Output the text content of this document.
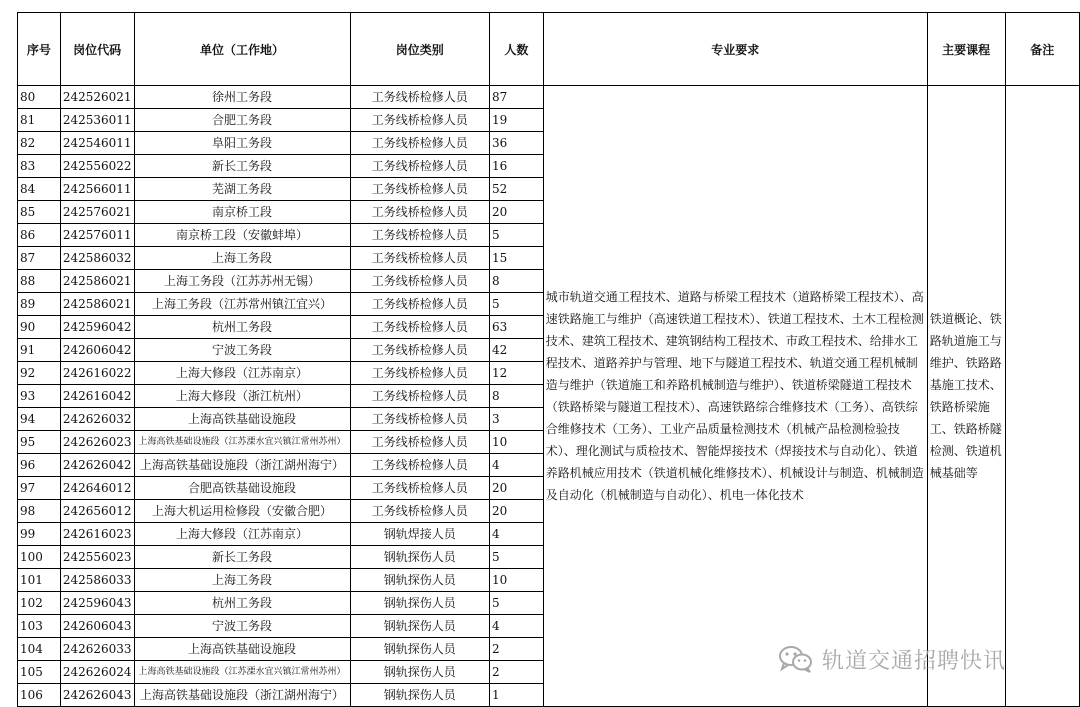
序号	岗位代码	单位（工作地）	岗位类别	人数	专业要求	主要课程	备注
80	242526021	徐州工务段	工务线桥检修人员	87	城市轨道交通工程技术、道路与桥梁工程技术（道路桥梁工程技术）、高速铁路施工与维护（高速铁道工程技术）、铁道工程技术、土木工程检测技术、建筑工程技术、建筑钢结构工程技术、市政工程技术、给排水工程技术、道路养护与管理、地下与隧道工程技术、轨道交通工程机械制造与维护（铁道施工和养路机械制造与维护）、铁道桥梁隧道工程技术（铁路桥梁与隧道工程技术）、高速铁路综合维修技术（工务）、高铁综合维修技术（工务）、工业产品质量检测技术（机械产品检测检验技术）、理化测试与质检技术、智能焊接技术（焊接技术与自动化）、铁道养路机械应用技术（铁道机械化维修技术）、机械设计与制造、机械制造及自动化（机械制造与自动化）、机电一体化技术	铁道概论、铁路轨道施工与维护、铁路路基施工技术、铁路桥梁施工、铁路桥隧检测、铁道机械基础等	
81	242536011	合肥工务段	工务线桥检修人员	19			
82	242546011	阜阳工务段	工务线桥检修人员	36			
83	242556022	新长工务段	工务线桥检修人员	16			
84	242566011	芜湖工务段	工务线桥检修人员	52			
85	242576021	南京桥工段	工务线桥检修人员	20			
86	242576011	南京桥工段（安徽蚌埠）	工务线桥检修人员	5			
87	242586032	上海工务段	工务线桥检修人员	15			
88	242586021	上海工务段（江苏苏州无锡）	工务线桥检修人员	8			
89	242586021	上海工务段（江苏常州镇江宜兴）	工务线桥检修人员	5			
90	242596042	杭州工务段	工务线桥检修人员	63			
91	242606042	宁波工务段	工务线桥检修人员	42			
92	242616022	上海大修段（江苏南京）	工务线桥检修人员	12			
93	242616042	上海大修段（浙江杭州）	工务线桥检修人员	8			
94	242626032	上海高铁基础设施段	工务线桥检修人员	3			
95	242626023	上海高铁基础设施段（江苏溧水宜兴镇江常州苏州）	工务线桥检修人员	10			
96	242626042	上海高铁基础设施段（浙江湖州海宁）	工务线桥检修人员	4			
97	242646012	合肥高铁基础设施段	工务线桥检修人员	20			
98	242656012	上海大机运用检修段（安徽合肥）	工务线桥检修人员	20			
99	242616023	上海大修段（江苏南京）	钢轨焊接人员	4			
100	242556023	新长工务段	钢轨探伤人员	5			
101	242586033	上海工务段	钢轨探伤人员	10			
102	242596043	杭州工务段	钢轨探伤人员	5			
103	242606043	宁波工务段	钢轨探伤人员	4			
104	242626033	上海高铁基础设施段	钢轨探伤人员	2			
105	242626024	上海高铁基础设施段（江苏溧水宜兴镇江常州苏州）	钢轨探伤人员	2			
106	242626043	上海高铁基础设施段（浙江湖州海宁）	钢轨探伤人员	1			
轨道交通招聘快讯
